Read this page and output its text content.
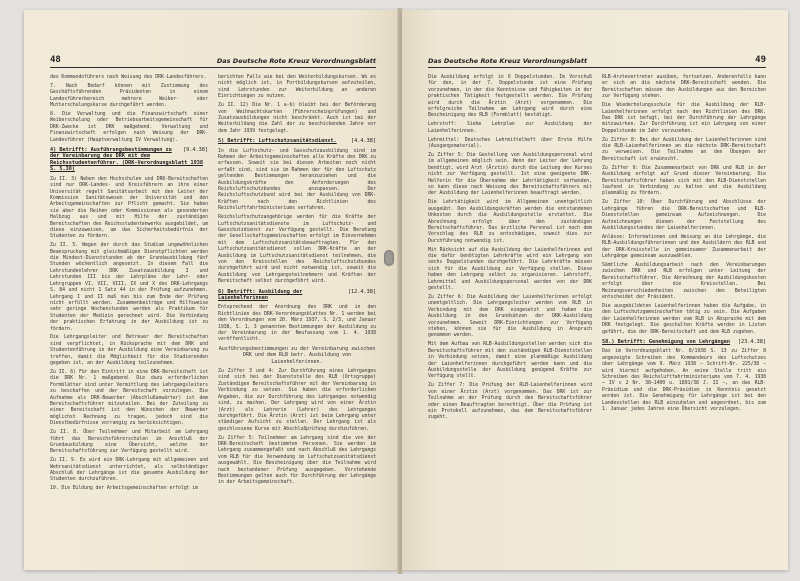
48	Das Deutsche Rote Kreuz Verordnungsblatt

des Kommandoführers nach Weisung des DRK-Landesführers.

7. Nach Bedarf können mit Zustimmung des Geschäftsführenden Präsidenten in einem Landesführerbereich mehrere Weiber- oder Mutterschulungskurse durchgeführt werden.

8. Die Verwaltung und die Finanzwirtschaft einer Weiberschulung oder Betriebsarbeitsgemeinschaft für DRK-Zwecke ist DRK maßgebend. Verwaltung und Finanzwirtschaft erfolgen nach Weisung der DRK-Landesführer (Hauptverwaltung IV Verwaltung).

[9.4.38]
4) Betrifft: Ausführungsbestimmungen zu der Vereinbarung des DRK mit dem Reichsstudentenführer. (DRK-Verordnungsblatt 1938 S. 5.38)

Zu II. 3) Neben den Hochschulen und DRK-Bereitschaften sind nur DRK-Landes- und Kreisführern an ihre einer Universität regelt Sanitätsarbeit mit den Leiter der Kommission Sanitätswesen der Universität und den Arbeitsgemeinschaften zur Pflicht gemacht. Sie haben sie aber die Reihen oder Kommissionen als gesonderten Halbzug aus und mit Hilfe der zuständigen Bereitschaften des Reichsstudentenwerks ausgebildet, um diese einzuweisen, um das Sicherheitsbedürfnis der Studenten zu fördern.

Zu II. 5. Wegen der durch das Studium ungewöhnlichen Beanspruchung mit gleichmäßigen Dienstpflichten werden die Mindest-Dienststunden ab der Grundausbildung fünf Stunden wöchentlich angesetzt. In diesem Fall die Lehrstundenlehrer DRK Zusatzausbildung I und Lehrstunden III bis der Lehrpläne der Lehr- oder Lehrgruppen VI, VII, VIII, IX und X des DRK-Lehrgangs S. 84 und nicht 1 Satz 44 in der Prüfung aufzunehmen. Lehrgang I und II muß nun bis zum Ende der Prüfung nicht erfüllt werden. Zusammenbeiträge und Hilfsweise sehr geringe Wochenstunden werden als Praktikum für Studenten der Medizin gerechnet wird. Die Verbindung der praktischen Erfahrung in der Ausbildung ist zu fördern.

Die Lehrgangsleiter und Betreuer der Bereitschaften sind verpflichtet, in Rücksprache mit dem DRK und Studentenführung in der Ausbildung eine Vereinbarung zu treffen, damit die Möglichkeit für die Studierenden gegeben ist, an der Ausbildung teilzunehmen.

Zu II. 6) Für den Eintritt in eine DRK-Bereitschaft ist die DRK Nr. 1 maßgebend. Die dazu erforderlichen Formblätter sind unter Vermittlung des Lehrgangsleiters zu beschaffen und der Bereitschaft vorzulegen. Die Aufnahme als DRK-Bewerber (Abschlußanwärter) ist dem Bereitschaftsführer mitzuteilen. Bei der Zuteilung zu einer Bereitschaft ist den Wünschen der Bewerber möglichst Rechnung zu tragen, jedoch sind die Dienstbedürfnisse vorrangig zu berücksichtigen.

Zu II. 8. Über Teilnehmer und Mitarbeit am Lehrgang führt das Bereichsführerschulen im Anschluß der Grundausbildung eine Übersicht, welche der Bereitschaftsführung zur Verfügung gestellt wird.

Zu II. 9. Es wird ein DRK-Lehrgang mit allgemeinen und Wehrsanitätsdienst unterrichtet, als selbständiger Abschluß der Lehrgänge ist die gesamte Ausbildung der Studenten durchzuführen.

10. Die Bildung der Arbeitsgemeinschaften erfolgt im

berichten Falls wie bei den Weiterbildungskursen. Wo es nicht möglich ist, in Fortbildungskursen aufzuteilen, sind Lehrstunden zur Weiterbildung an anderen Einrichtungen zu nutzen.

Zu II. 12) Die Nr. 1 a-b) bleibt bei der Beförderung von Weihnachtskarten (Führerscheinprüfungen) und Zusatzausbildungen nicht beschränkt. Auch ist bei der Weiterbildung die Zahl der zu beschickenden Jahre vor dem Jahr 1939 festgelegt.

[4.4.38]
5) Betrifft: Luftschutzsanitätsdienst.

In die Luftschutz- und Gasschutzausbildung sind im Rahmen der Arbeitsgemeinschaften alle Kräfte des DRK zu erfassen. Soweit sie bei diesen Arbeiten noch nicht erfaßt sind, sind sie im Rahmen der für den Luftschutz geltenden Bestimmungen heranzuziehen und die Ausbildungskräfte den Anforderungen des Reichsluftschutzbundes anzupassen. Der Reichsluftschutzbund wird bei der Ausbildung von DRK-Kräften nach den Richtlinien des Reichsluftfahrtministeriums verfahren.

Reichsluftschutzangehörige werden für die Kräfte der Luftschutzsanitätsdienste im Luftschutz- und Gasschutzdienst zur Verfügung gestellt. Die Beratung der Gesellschaftsgemeinschaften erfolgt im Einvernehmen mit dem Luftschutzsanitätsbeauftragten. Für den Luftschutzsanitätsdienst sollen DRK-Kräfte an der Ausbildung im Luftschutzsanitätsdienst teilnehmen, die von den Kreisstellen des Reichsluftschutzbundes durchgeführt wird und nicht notwendig ist, soweit die Ausbildung von Lehrgangsteilnehmern und Kräften der Bereitschaft selbst durchgeführt wird.

[12.4.38]
6) Betrifft: Ausbildung der Laienhelferinnen

Entsprechend der Anordnung des DRK und in den Richtlinien des DRK-Verordnungsblattes Nr. 1 werden bei den Verordnungen vom 20. März 1937, S. 2/3, und Januar 1938, S. 1, 3 genannten Bestimmungen der Ausbildung zu der Vereinbarung in der Neufassung vom 1. 4. 1938 veröffentlicht.

Ausführungsbestimmungen zu der Vereinbarung zwischen DRK und dem RLB betr. Ausbildung von Laienhelferinnen.

Zu Ziffer 3 und 4: Zur Durchführung eines Lehrganges sind sich bei der Dienststelle des RLB (Ortsgruppe) Zuständigen Bereitschaftsführer mit der Vereinbarung in Verbindung zu setzen. Sie haben die erforderlichen Angaben, die zur Durchführung des Lehrganges notwendig sind, zu machen. Der Lehrgang wird von einer Ärztin (Arzt) als Lehrerin (Lehrer) des Lehrganges durchgeführt. Die Ärztin (Arzt) ist beim Lehrgang unter ständiger Aufsicht zu stellen. Der Lehrgang ist als geschlossene Kurse mit Abschlußprüfung durchzuführen.

Zu Ziffer 5: Teilnehmer am Lehrgang sind die von der DRK-Bereitschaft bestimmten Personen. Sie werden im Lehrgang zusammengefaßt und nach Abschluß des Lehrgangs vom RLB für die Verwendung im Luftschutzsanitätsdienst ausgewählt. Die Bescheinigung über die Teilnahme wird nach bestandener Prüfung ausgegeben. Vorstehende Bestimmungen gelten auch für Durchführung der Lehrgänge in der Arbeitsgemeinschaft.

Das Deutsche Rote Kreuz Verordnungsblatt	49

Die Ausbildung erfolgt in 6 Doppelstunden. Im Vorschuß für den, in der 7. Doppelstunde ist eine Prüfung vorzunehmen, in der die Kenntnisse und Fähigkeiten in der praktischen Tätigkeit festgestellt werden. Die Prüfung wird durch die Ärztin (Arzt) vorgenommen. Die erfolgreiche Teilnahme am Lehrgang wird durch eine Bescheinigung des RLB (Formblatt) bestätigt.

Lehrstoff: Siehe Lehrplan zur Ausbildung der Laienhelferinnen.

Lehrmittel: Deutsches Lehrmittelheft über Erste Hilfe (Ausgangsmaterial).

Zu Ziffer 5: Die Gestellung von Ausbildungspersonal wird im allgemeinen möglich sein. Wenn der Leiter der Lehrung benötigt, wird Arzt (Ärztin) durch die Leitung des Kurses nicht zur Verfügung gestellt. Ist eine geeignete DRK-Helferin für die Übernahme der Lehrtätigkeit vorhanden, so kann diese nach Weisung des Bereitschaftsführers mit der Ausbildung der Laienhelferinnen beauftragt werden.

Die Lehrtätigkeit wird im Allgemeinen unentgeltlich ausgeübt. Den Ausbildungskräften werden die entstandenen Unkosten durch die Ausbildungsstelle erstattet. Die Abrechnung erfolgt über den zuständigen Bereitschaftsführer. Das ärztliche Personal ist nach dem Vorschlag des RLB zu entschädigen, soweit dies zur Durchführung notwendig ist.

Mit Rücksicht auf die Ausbildung der Laienhelferinnen und die dafür benötigten Lehrkräfte wird ein Lehrgang von sechs Doppelstunden durchgeführt. Die Lehrkräfte müssen sich für die Ausbildung zur Verfügung stellen. Diese haben den Lehrgang selbst zu organisieren. Lehrstoff, Lehrmittel und Ausbildungspersonal werden von der DRK gestellt.

Zu Ziffer 6: Die Ausbildung der Laienhelferinnen erfolgt unentgeltlich. Die Lehrgangsleiter werden vom RLB in Verbindung mit dem DRK eingesetzt und haben die Ausbildung in den Grundsätzen der DRK-Ausbildung vorzunehmen. Soweit DRK-Einrichtungen zur Verfügung stehen, können sie für die Ausbildung in Anspruch genommen werden.

Mit dem Aufbau von RLB-Ausbildungsstellen werden sich die Bereitschaftsführer mit den zuständigen RLB-Dienststellen in Verbindung setzen, damit eine planmäßige Ausbildung der Laienhelferinnen durchgeführt werden kann und die Ausbildungsstelle der Ausbildung genügend Kräfte zur Verfügung stellt.

Zu Ziffer 7: Die Prüfung der RLB-Laienhelferinnen wird von einer Ärztin (Arzt) vorgenommen. Das DRK ist zur Teilnahme an der Prüfung durch den Bereitschaftsführer oder einen Beauftragten berechtigt. Über die Prüfung ist ein Protokoll aufzunehmen, das dem Bereitschaftsführer zugeht.

RLB-Ärztevertreter ausüben, fortsetzen. Anderenfalls kann er sich an die nächste DRK-Bereitschaft wenden. Die Bereitschaften müssen den Ausbildungen aus den Bereichen zur Verfügung stehen.

Die Wiederholungsschule für die Ausbildung der RLB-Laienhelferinnen erfolgt nach den Richtlinien des DRK. Das DRK ist befugt, bei der Durchführung der Lehrgänge mitzuwirken. Zur Durchführung ist ein Lehrgang von einer Doppelstunde im Jahr vorzusehen.

Zu Ziffer 8: Bei der Ausbildung der Laienhelferinnen sind die RLB-Laienhelferinnen an die nächste DRK-Bereitschaft zu verweisen. Die Teilnahme an den Übungen der Bereitschaft ist erwünscht.

Zu Ziffer 9: Die Zusammenarbeit von DRK und RLB in der Ausbildung erfolgt auf Grund dieser Vereinbarung. Die Bereitschaftsführer haben sich mit den RLB-Dienststellen laufend in Verbindung zu halten und die Ausbildung planmäßig zu fördern.

Zu Ziffer 10: Über Durchführung und Abschlüsse der Lehrgänge führen die DRK-Bereitschaften und RLB-Dienststellen gemeinsam Aufzeichnungen. Die Aufzeichnungen dienen der Feststellung des Ausbildungsstandes der Laienhelferinnen.

Anlässe: Informationen und Weisung an die Lehrgänge, die RLB-Ausbildungsführerinnen und den Ausbildern des RLB und der DRK-Kreisstelle in gemeinsamer Zusammenarbeit der Lehrgänge gemeinsam auszuwählen.

Sämtliche Ausbildungsarbeit nach den Vereinbarungen zwischen DRK und RLB erfolgen unter Leitung der Bereitschaftsführer. Die Abrechnung der Ausbildungskosten erfolgt über die Kreisstellen. Bei Meinungsverschiedenheiten zwischen den Beteiligten entscheidet der Präsident.

Die ausgebildeten Laienhelferinnen haben die Aufgabe, in den Luftschutzgemeinschaften tätig zu sein. Die Aufgaben der Laienhelferinnen werden vom RLB in Absprache mit dem DRK festgelegt. Die geschulten Kräfte werden in Listen geführt, die der DRK-Bereitschaft und dem RLB zugehen.

[23.4.38]
58.) Betrifft: Genehmigung von Lehrgängen

Das im Verordnungsblatt Nr. 8/1938 S. 13 zu Ziffer 8 angezeigte Schreiben des Kommandeurs des Luftschutzes über Lehrgänge vom 9. März 1938 — Schrift-Nr. 225/38 — wird hiermit aufgehoben. An seine Stelle tritt ein Schreiben des Reichsluftfahrtministeriums vom 7. 4. 1938 — IV c 2 Nr. 38—1400 u. 1891/38 J. II —, an das RLB-Präsidium und die DRK-Präsidien in Kenntnis gesetzt worden ist. Die Genehmigung für Lehrgänge ist bei den Landesstellen des RLB einzuholen und angeordnet, bis zum 1. Januar jedes Jahres eine Übersicht vorzulegen.
